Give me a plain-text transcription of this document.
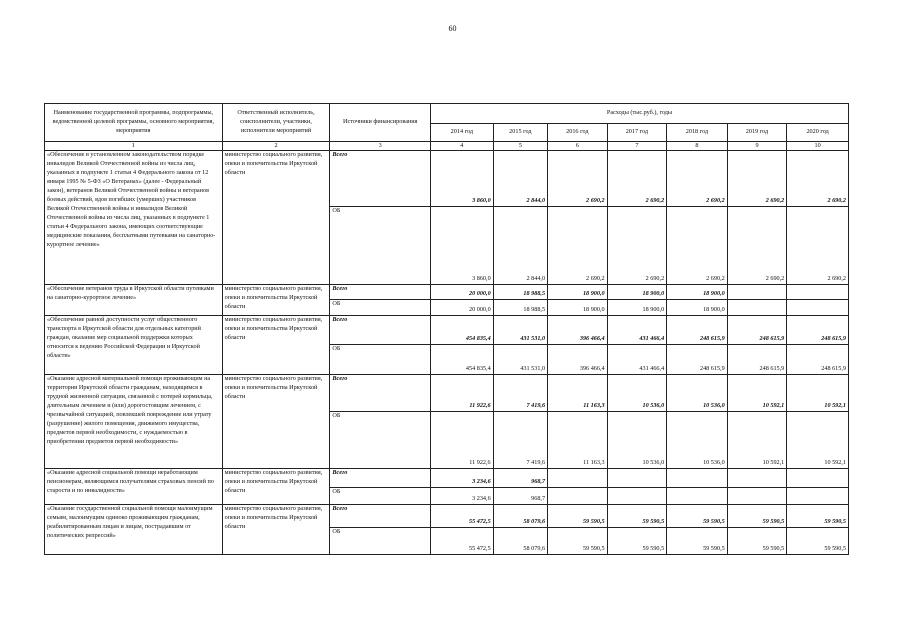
60
Наименование государственной программы, подпрограммы, ведомственной целевой программы, основного мероприятия, мероприятия	Ответственный исполнитель, соисполнители, участники, исполнители мероприятий	Источники финансирования	Расходы (тыс.руб.), годы						
			2014 год	2015 год	2016 год	2017 год	2018 год	2019 год	2020 год
1	2	3	4	5	6	7	8	9	10
«Обеспечение в установленном законодательством порядке инвалидов Великой Отечественной войны из числа лиц, указанных в подпункте 1 статьи 4 Федерального закона от 12 января 1995 № 5-ФЗ «О Ветеранах» (далее - Федеральный закон), ветеранов Великой Отечественной войны и ветеранов боевых действий, вдов погибших (умерших) участников Великой Отечественной войны и инвалидов Великой Отечественной войны из числа лиц, указанных в подпункте 1 статьи 4 Федерального закона, имеющих соответствующие медицинские показания, бесплатными путевками на санаторно-курортное лечение»	министерство социального развития, опеки и попечительства Иркутской области	Всего	3 860,0	2 844,0	2 690,2	2 690,2	2 690,2	2 690,2	2 690,2
		ОБ	3 860,0	2 844,0	2 690,2	2 690,2	2 690,2	2 690,2	2 690,2
«Обеспечение ветеранов труда в Иркутской области путевками на санаторно-курортное лечение»	министерство социального развития, опеки и попечительства Иркутской области	Всего	20 000,0	18 988,5	18 900,0	18 900,0	18 900,0		
		ОБ	20 000,0	18 988,5	18 900,0	18 900,0	18 900,0		
«Обеспечение равной доступности услуг общественного транспорта в Иркутской области для отдельных категорий граждан, оказание мер социальной поддержки которых относится к ведению Российской Федерации и Иркутской области»	министерство социального развития, опеки и попечительства Иркутской области	Всего	454 835,4	431 531,0	396 466,4	431 466,4	248 615,9	248 615,9	248 615,9
		ОБ	454 835,4	431 531,0	396 466,4	431 466,4	248 615,9	248 615,9	248 615,9
«Оказание адресной материальной помощи проживающим на территории Иркутской области гражданам, находящимся в трудной жизненной ситуации, связанной с потерей кормильца, длительным лечением и (или) дорогостоящим лечением, с чрезвычайной ситуацией, повлекшей повреждение или утрату (разрушение) жилого помещения, движимого имущества, предметов первой необходимости, с нуждаемостью в приобретении предметов первой необходимости»	министерство социального развития, опеки и попечительства Иркутской области	Всего	11 922,6	7 419,6	11 163,3	10 536,0	10 536,0	10 592,1	10 592,1
		ОБ	11 922,6	7 419,6	11 163,3	10 536,0	10 536,0	10 592,1	10 592,1
«Оказание адресной социальной помощи неработающим пенсионерам, являющимся получателями страховых пенсий по старости и по инвалидности»	министерство социального развития, опеки и попечительства Иркутской области	Всего	3 234,6	968,7					
		ОБ	3 234,6	968,7					
«Оказание государственной социальной помощи малоимущим семьям, малоимущим одиноко проживающим гражданам, реабилитированным лицам и лицам, пострадавшим от политических репрессий»	министерство социального развития, опеки и попечительства Иркутской области	Всего	55 472,5	58 079,6	59 590,5	59 590,5	59 590,5	59 590,5	59 590,5
		ОБ	55 472,5	58 079,6	59 590,5	59 590,5	59 590,5	59 590,5	59 590,5
